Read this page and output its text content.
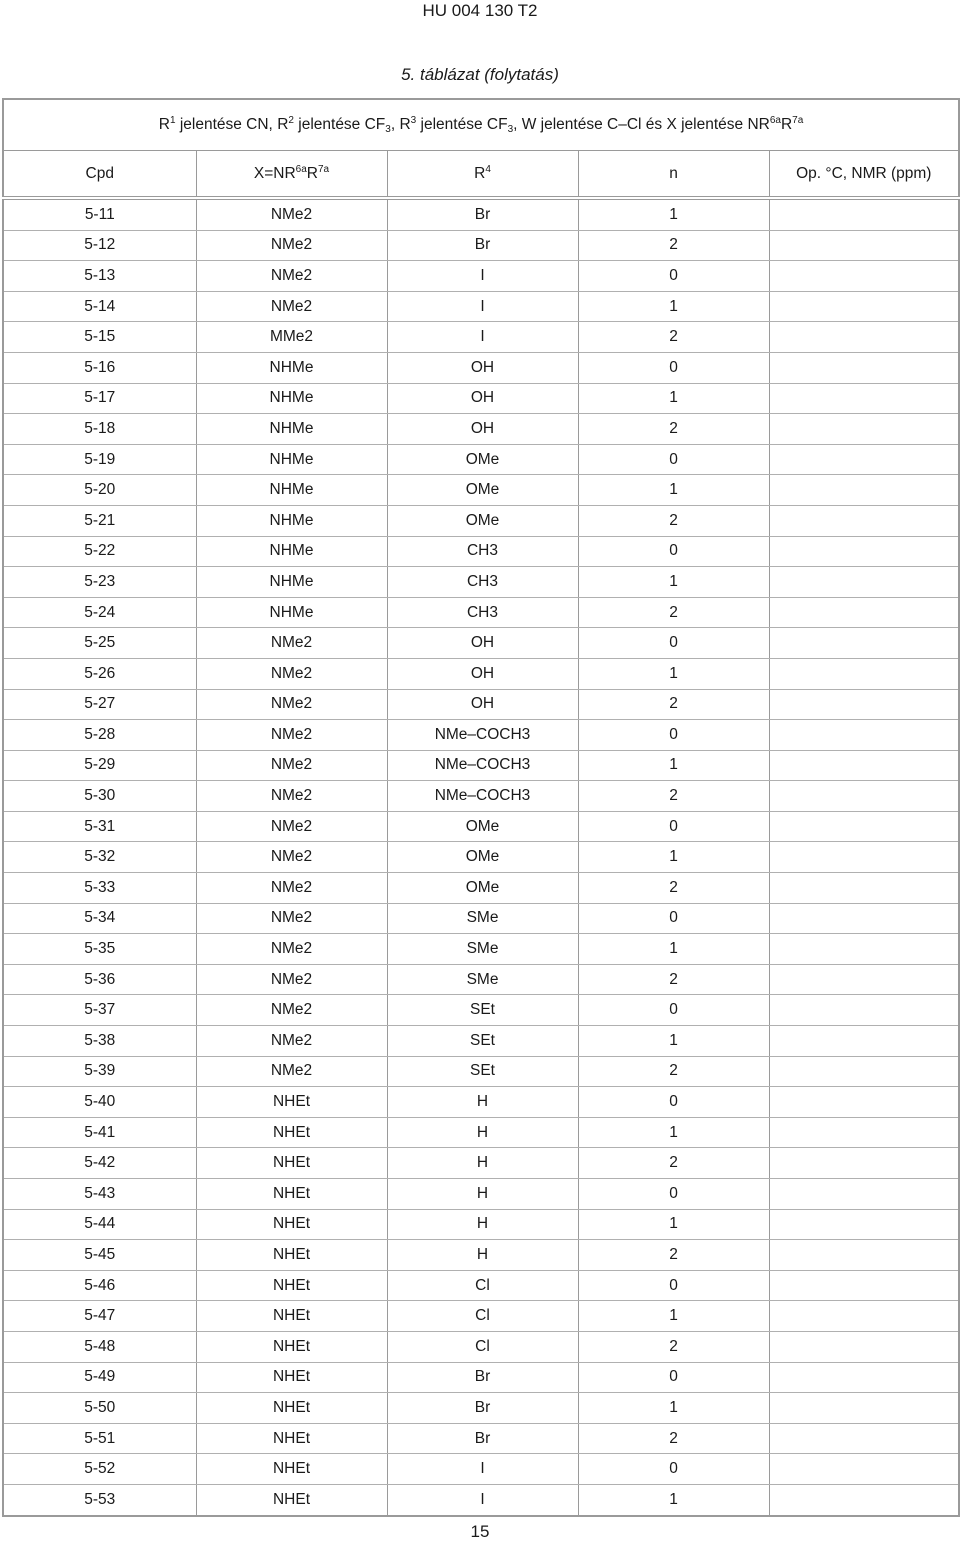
HU 004 130 T2
5. táblázat (folytatás)
$R^1$ jelentése CN, $R^2$ jelentése $CF_3$, $R^3$ jelentése $CF_3$, W jelentése C–Cl és X jelentése $NR^{6a}R^{7a}$
Cpd	$X=NR^{6a}R^{7a}$	$R^4$	n	Op. °C, NMR (ppm)
5-11	NMe2	Br	1	
5-12	NMe2	Br	2	
5-13	NMe2	I	0	
5-14	NMe2	I	1	
5-15	MMe2	I	2	
5-16	NHMe	OH	0	
5-17	NHMe	OH	1	
5-18	NHMe	OH	2	
5-19	NHMe	OMe	0	
5-20	NHMe	OMe	1	
5-21	NHMe	OMe	2	
5-22	NHMe	CH3	0	
5-23	NHMe	CH3	1	
5-24	NHMe	CH3	2	
5-25	NMe2	OH	0	
5-26	NMe2	OH	1	
5-27	NMe2	OH	2	
5-28	NMe2	NMe–COCH3	0	
5-29	NMe2	NMe–COCH3	1	
5-30	NMe2	NMe–COCH3	2	
5-31	NMe2	OMe	0	
5-32	NMe2	OMe	1	
5-33	NMe2	OMe	2	
5-34	NMe2	SMe	0	
5-35	NMe2	SMe	1	
5-36	NMe2	SMe	2	
5-37	NMe2	SEt	0	
5-38	NMe2	SEt	1	
5-39	NMe2	SEt	2	
5-40	NHEt	H	0	
5-41	NHEt	H	1	
5-42	NHEt	H	2	
5-43	NHEt	H	0	
5-44	NHEt	H	1	
5-45	NHEt	H	2	
5-46	NHEt	Cl	0	
5-47	NHEt	Cl	1	
5-48	NHEt	Cl	2	
5-49	NHEt	Br	0	
5-50	NHEt	Br	1	
5-51	NHEt	Br	2	
5-52	NHEt	I	0	
5-53	NHEt	I	1	
15
